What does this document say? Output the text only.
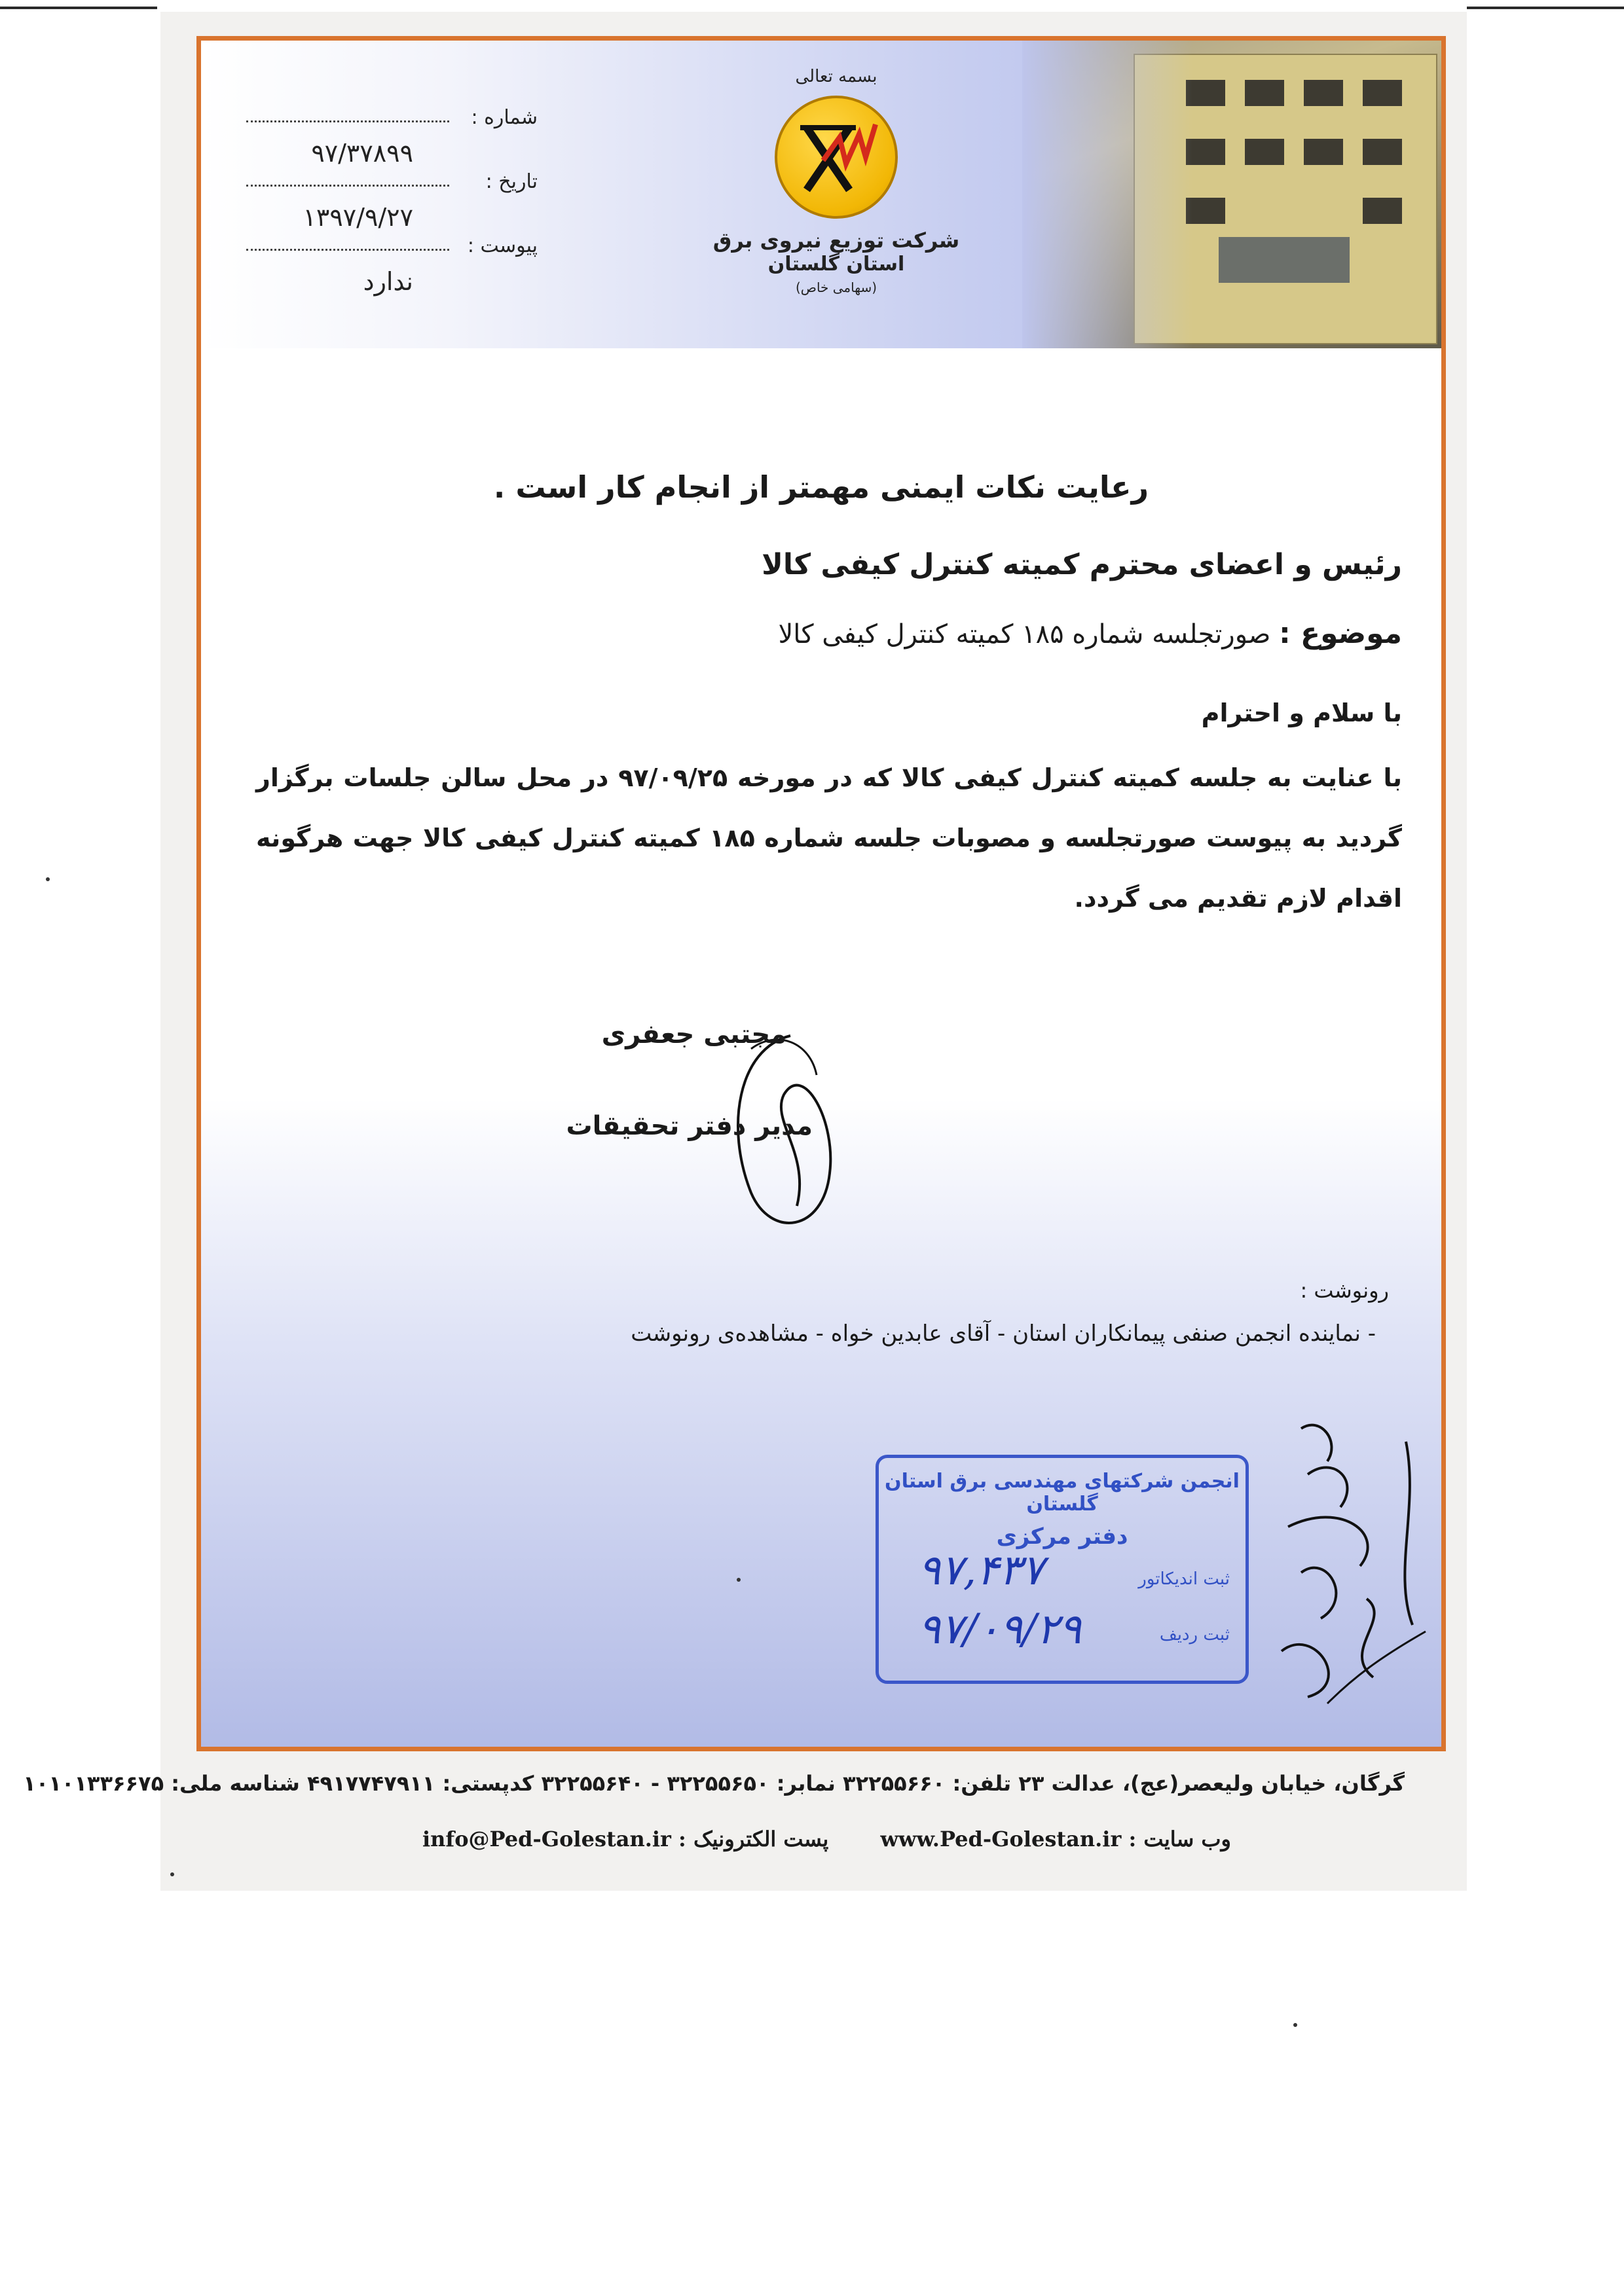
شماره :
۹۷/۳۷۸۹۹
تاریخ :
۱۳۹۷/۹/۲۷
پیوست :
ندارد
بسمه تعالی
شرکت توزیع نیروی برق
استان گلستان
(سهامی خاص)
رعایت نکات ایمنی مهمتر از انجام کار است .
رئیس و اعضای محترم کمیته کنترل کیفی کالا
موضوع : صورتجلسه شماره ۱۸۵ کمیته کنترل کیفی کالا
با سلام و احترام
با عنایت به جلسه کمیته کنترل کیفی کالا که در مورخه ۹۷/۰۹/۲۵ در محل سالن جلسات برگزار گردید به پیوست صورتجلسه و مصوبات جلسه شماره ۱۸۵ کمیته کنترل کیفی کالا جهت هرگونه اقدام لازم تقدیم می گردد.
مجتبی جعفری
مدیر دفتر تحقیقات
رونوشت :
- نماینده انجمن صنفی پیمانکاران استان - آقای عابدین خواه - مشاهده‌ی رونوشت
انجمن شرکتهای مهندسی برق استان گلستان
دفتر مرکزی
ثبت اندیکاتور
۹۷,۴۳۷
ثبت ردیف
۹۷/۰۹/۲۹
گرگان، خیابان ولیعصر(عج)، عدالت ۲۳ تلفن: ۳۲۲۵۵۶۶۰ نمابر: ۳۲۲۵۵۶۵۰ - ۳۲۲۵۵۶۴۰ کدپستی: ۴۹۱۷۷۴۷۹۱۱ شناسه ملی: ۱۰۱۰۱۳۳۶۶۷۵
وب سایت : www.Ped-Golestan.ir
پست الکترونیک : info@Ped-Golestan.ir
